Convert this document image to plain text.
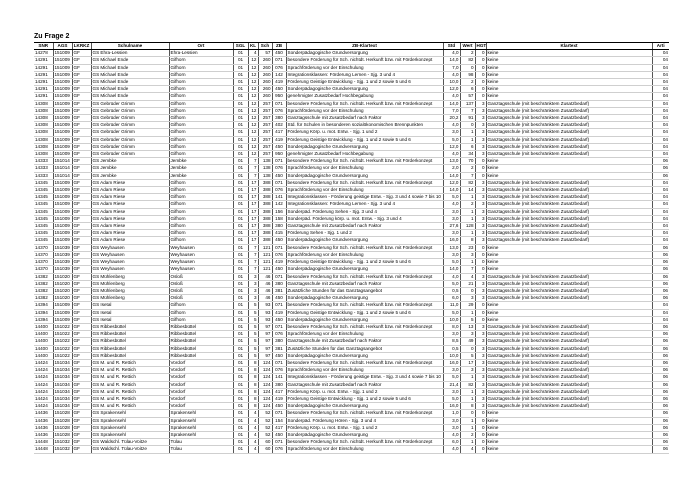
Zu Frage 2
SNR	AGS	LKRKZ	Schulname	Ort	SGL	KL	Sch	ZB	ZB-Klartext	Std	Wert	HGT	Klartext	Arti
14278	151009	GF	GS Ehra-Lessien	Ehra-Lessien	01	4	57	450	Sonderpädagogische Grundversorgung	4,0	2	0	keine	04
14291	151009	GF	GS Michael Ende	Gifhorn	01	12	260	071	besondere Förderung für Sch. nichtdt. Herkunft bzw. mit Förderkonzept	14,0	82	0	keine	04
14291	151009	GF	GS Michael Ende	Gifhorn	01	12	260	076	Sprachförderung vor der Einschulung	7,0	0	0	keine	04
14291	151009	GF	GS Michael Ende	Gifhorn	01	12	260	142	Integrationsklassen: Förderung Lernen - Sjg. 3 und 4	4,0	98	0	keine	04
14291	151009	GF	GS Michael Ende	Gifhorn	01	12	260	419	Förderung Geistige Entwicklung - Sjg. 1 und 2 sowie 5 und 6	10,0	2	0	keine	04
14291	151009	GF	GS Michael Ende	Gifhorn	01	12	260	450	Sonderpädagogische Grundversorgung	12,0	6	0	keine	04
14291	151009	GF	GS Michael Ende	Gifhorn	01	12	260	950	genehmigter Zusatzbedarf Hochbegabung	4,0	57	0	keine	04
14308	151009	GF	GS Gebrüder Grimm	Gifhorn	01	12	257	071	besondere Förderung für Sch. nichtdt. Herkunft bzw. mit Förderkonzept	14,0	137	3	Ganztagsschule (mit beschränktem Zusatzbedarf)	04
14308	151009	GF	GS Gebrüder Grimm	Gifhorn	01	12	257	076	Sprachförderung vor der Einschulung	7,0	7	3	Ganztagsschule (mit beschränktem Zusatzbedarf)	04
14308	151009	GF	GS Gebrüder Grimm	Gifhorn	01	12	257	380	Ganztagsschule mit Zusatzbedarf nach Faktor	20,2	91	3	Ganztagsschule (mit beschränktem Zusatzbedarf)	04
14308	151009	GF	GS Gebrüder Grimm	Gifhorn	01	12	257	402	Std. für Schulen in besonderen sozialökonomischen Brennpunkten	4,0	0	3	Ganztagsschule (mit beschränktem Zusatzbedarf)	04
14308	151009	GF	GS Gebrüder Grimm	Gifhorn	01	12	257	417	Förderung Körp. u. mot. Entw. - Sjg. 1 und 2	3,0	1	3	Ganztagsschule (mit beschränktem Zusatzbedarf)	04
14308	151009	GF	GS Gebrüder Grimm	Gifhorn	01	12	257	419	Förderung Geistige Entwicklung - Sjg. 1 und 2 sowie 5 und 6	5,0	1	3	Ganztagsschule (mit beschränktem Zusatzbedarf)	04
14308	151009	GF	GS Gebrüder Grimm	Gifhorn	01	12	257	450	Sonderpädagogische Grundversorgung	12,0	6	3	Ganztagsschule (mit beschränktem Zusatzbedarf)	04
14308	151009	GF	GS Gebrüder Grimm	Gifhorn	01	12	257	950	genehmigter Zusatzbedarf Hochbegabung	4,0	34	3	Ganztagsschule (mit beschränktem Zusatzbedarf)	04
14333	151014	GF	GS Jembke	Jembke	01	7	138	071	besondere Förderung für Sch. nichtdt. Herkunft bzw. mit Förderkonzept	13,0	70	0	keine	06
14333	151014	GF	GS Jembke	Jembke	01	7	138	076	Sprachförderung vor der Einschulung	2,0	2	0	keine	06
14333	151014	GF	GS Jembke	Jembke	01	7	138	450	Sonderpädagogische Grundversorgung	14,0	7	0	keine	06
14345	151009	GF	GS Adam Riese	Gifhorn	01	17	388	071	besondere Förderung für Sch. nichtdt. Herkunft bzw. mit Förderkonzept	12,0	82	3	Ganztagsschule (mit beschränktem Zusatzbedarf)	04
14345	151009	GF	GS Adam Riese	Gifhorn	01	17	388	076	Sprachförderung vor der Einschulung	14,0	14	3	Ganztagsschule (mit beschränktem Zusatzbedarf)	04
14345	151009	GF	GS Adam Riese	Gifhorn	01	17	388	141	Integrationsklassen - Förderung geistige Entw. - Sjg. 3 und 4 sowie 7 bis 10	5,0	1	3	Ganztagsschule (mit beschränktem Zusatzbedarf)	04
14345	151009	GF	GS Adam Riese	Gifhorn	01	17	388	142	Integrationsklassen: Förderung Lernen - Sjg. 3 und 4	4,0	2	3	Ganztagsschule (mit beschränktem Zusatzbedarf)	04
14345	151009	GF	GS Adam Riese	Gifhorn	01	17	388	156	Sonderpäd. Förderung Sehen - Sjg. 3 und 4	3,0	1	3	Ganztagsschule (mit beschränktem Zusatzbedarf)	04
14345	151009	GF	GS Adam Riese	Gifhorn	01	17	388	158	Sonderpäd. Förderung körp. u. mot. Entw. - Sjg. 3 und 4	3,0	1	3	Ganztagsschule (mit beschränktem Zusatzbedarf)	04
14345	151009	GF	GS Adam Riese	Gifhorn	01	17	388	380	Ganztagsschule mit Zusatzbedarf nach Faktor	27,6	128	3	Ganztagsschule (mit beschränktem Zusatzbedarf)	04
14345	151009	GF	GS Adam Riese	Gifhorn	01	17	388	415	Förderung Sehen - Sjg. 1 und 2	3,0	1	3	Ganztagsschule (mit beschränktem Zusatzbedarf)	04
14345	151009	GF	GS Adam Riese	Gifhorn	01	17	388	450	Sonderpädagogische Grundversorgung	16,0	8	3	Ganztagsschule (mit beschränktem Zusatzbedarf)	04
14370	151039	GF	GS Weyhausen	Weyhausen	01	7	121	071	besondere Förderung für Sch. nichtdt. Herkunft bzw. mit Förderkonzept	13,0	23	0	keine	06
14370	151039	GF	GS Weyhausen	Weyhausen	01	7	121	076	Sprachförderung vor der Einschulung	3,0	3	0	keine	06
14370	151039	GF	GS Weyhausen	Weyhausen	01	7	121	419	Förderung Geistige Entwicklung - Sjg. 1 und 2 sowie 5 und 6	5,0	1	0	keine	06
14370	151039	GF	GS Weyhausen	Weyhausen	01	7	121	450	Sonderpädagogische Grundversorgung	14,0	7	0	keine	06
14382	151020	GF	GS Mühlenberg	Osloß	01	3	46	071	besondere Förderung für Sch. nichtdt. Herkunft bzw. mit Förderkonzept	4,0	4	3	Ganztagsschule (mit beschränktem Zusatzbedarf)	06
14382	151020	GF	GS Mühlenberg	Osloß	01	3	46	380	Ganztagsschule mit Zusatzbedarf nach Faktor	5,0	21	3	Ganztagsschule (mit beschränktem Zusatzbedarf)	06
14382	151020	GF	GS Mühlenberg	Osloß	01	3	46	381	Zusätzliche Stunden für das Ganztagsangebot	0,5	0	3	Ganztagsschule (mit beschränktem Zusatzbedarf)	06
14382	151020	GF	GS Mühlenberg	Osloß	01	3	46	450	Sonderpädagogische Grundversorgung	6,0	3	3	Ganztagsschule (mit beschränktem Zusatzbedarf)	06
14394	151009	GF	GS Isetal	Gifhorn	01	5	93	071	besondere Förderung für Sch. nichtdt. Herkunft bzw. mit Förderkonzept	11,0	29	0	keine	04
14394	151009	GF	GS Isetal	Gifhorn	01	5	93	419	Förderung Geistige Entwicklung - Sjg. 1 und 2 sowie 5 und 6	5,0	1	0	keine	04
14394	151009	GF	GS Isetal	Gifhorn	01	5	93	450	Sonderpädagogische Grundversorgung	10,0	5	0	keine	04
14400	151022	GF	GS Ribbesbüttel	Ribbesbüttel	01	5	97	071	besondere Förderung für Sch. nichtdt. Herkunft bzw. mit Förderkonzept	8,0	13	3	Ganztagsschule (mit beschränktem Zusatzbedarf)	06
14400	151022	GF	GS Ribbesbüttel	Ribbesbüttel	01	5	97	076	Sprachförderung vor der Einschulung	3,0	3	3	Ganztagsschule (mit beschränktem Zusatzbedarf)	06
14400	151022	GF	GS Ribbesbüttel	Ribbesbüttel	01	5	97	380	Ganztagsschule mit Zusatzbedarf nach Faktor	8,5	49	3	Ganztagsschule (mit beschränktem Zusatzbedarf)	06
14400	151022	GF	GS Ribbesbüttel	Ribbesbüttel	01	5	97	381	Zusätzliche Stunden für das Ganztagsangebot	0,5	0	3	Ganztagsschule (mit beschränktem Zusatzbedarf)	06
14400	151022	GF	GS Ribbesbüttel	Ribbesbüttel	01	5	97	450	Sonderpädagogische Grundversorgung	10,0	5	3	Ganztagsschule (mit beschränktem Zusatzbedarf)	06
14424	151034	GF	GS M. und R. Rettich	Vordorf	01	8	124	071	besondere Förderung für Sch. nichtdt. Herkunft bzw. mit Förderkonzept	16,0	17	3	Ganztagsschule (mit beschränktem Zusatzbedarf)	06
14424	151034	GF	GS M. und R. Rettich	Vordorf	01	8	124	076	Sprachförderung vor der Einschulung	3,0	3	3	Ganztagsschule (mit beschränktem Zusatzbedarf)	06
14424	151034	GF	GS M. und R. Rettich	Vordorf	01	8	124	141	Integrationsklassen - Förderung geistige Entw. - Sjg. 3 und 4 sowie 7 bis 10	5,0	1	3	Ganztagsschule (mit beschränktem Zusatzbedarf)	06
14424	151034	GF	GS M. und R. Rettich	Vordorf	01	8	124	380	Ganztagsschule mit Zusatzbedarf nach Faktor	21,4	82	3	Ganztagsschule (mit beschränktem Zusatzbedarf)	06
14424	151034	GF	GS M. und R. Rettich	Vordorf	01	8	124	417	Förderung Körp. u. mot. Entw. - Sjg. 1 und 2	3,0	1	3	Ganztagsschule (mit beschränktem Zusatzbedarf)	06
14424	151034	GF	GS M. und R. Rettich	Vordorf	01	8	124	419	Förderung Geistige Entwicklung - Sjg. 1 und 2 sowie 5 und 6	5,0	1	3	Ganztagsschule (mit beschränktem Zusatzbedarf)	06
14424	151034	GF	GS M. und R. Rettich	Vordorf	01	8	124	450	Sonderpädagogische Grundversorgung	16,0	8	3	Ganztagsschule (mit beschränktem Zusatzbedarf)	06
14436	151028	GF	GS Sprakensehl	Sprakensehl	01	4	52	071	besondere Förderung für Sch. nichtdt. Herkunft bzw. mit Förderkonzept	1,0	0	0	keine	06
14436	151028	GF	GS Sprakensehl	Sprakensehl	01	4	52	154	Sonderpäd. Förderung Hören - Sjg. 3 und 4	3,0	1	0	keine	06
14436	151028	GF	GS Sprakensehl	Sprakensehl	01	4	52	417	Förderung Körp. u. mot. Entw. - Sjg. 1 und 2	3,0	1	0	keine	06
14436	151028	GF	GS Sprakensehl	Sprakensehl	01	4	52	450	Sonderpädagogische Grundversorgung	4,0	2	0	keine	06
14448	151032	GF	GS Waldschl. Tülau-Voitze	Tülau	01	4	60	071	besondere Förderung für Sch. nichtdt. Herkunft bzw. mit Förderkonzept	6,0	1	0	keine	06
14448	151032	GF	GS Waldschl. Tülau-Voitze	Tülau	01	4	60	076	Sprachförderung vor der Einschulung	4,0	4	0	keine	06
